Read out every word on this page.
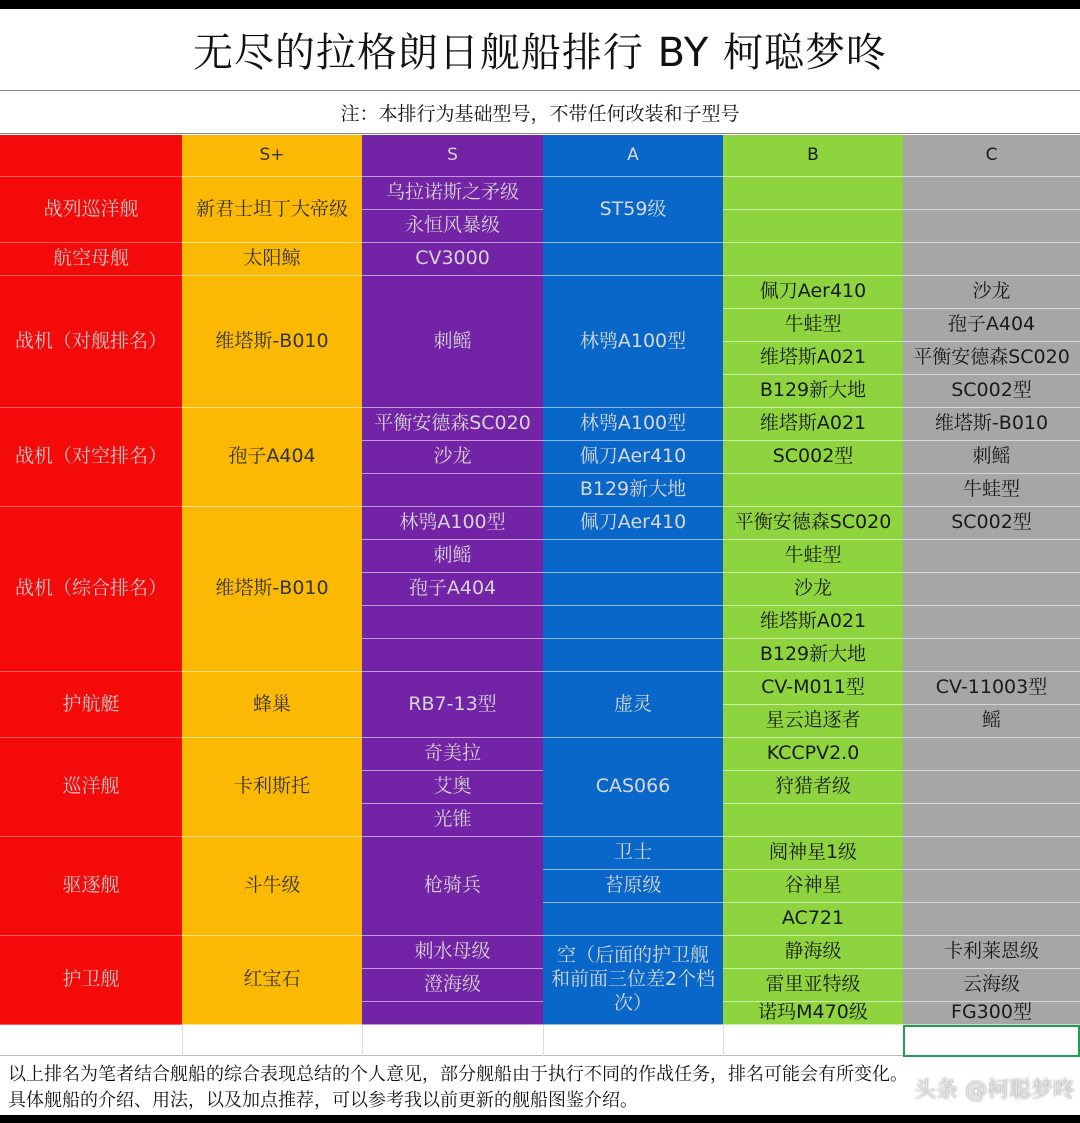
无尽的拉格朗日舰船排行 BY 柯聪梦咚
注：本排行为基础型号，不带任何改装和子型号
战列巡洋舰
航空母舰
战机（对舰排名）
战机（对空排名）
战机（综合排名）
护航艇
巡洋舰
驱逐舰
护卫舰
S+
新君士坦丁大帝级
太阳鲸
维塔斯-B010
孢子A404
维塔斯-B010
蜂巢
卡利斯托
斗牛级
红宝石
S
乌拉诺斯之矛级
永恒风暴级
CV3000
刺鳐
平衡安德森SC020
沙龙
林鸮A100型
刺鳐
孢子A404
RB7-13型
奇美拉
艾奥
光锥
枪骑兵
刺水母级
澄海级
A
ST59级
林鸮A100型
林鸮A100型
佩刀Aer410
B129新大地
佩刀Aer410
虚灵
CAS066
卫士
苔原级
空（后面的护卫舰和前面三位差2个档次）
B
佩刀Aer410
牛蛙型
维塔斯A021
B129新大地
维塔斯A021
SC002型
平衡安德森SC020
牛蛙型
沙龙
维塔斯A021
B129新大地
CV-M011型
星云追逐者
KCCPV2.0
狩猎者级
阋神星1级
谷神星
AC721
静海级
雷里亚特级
诺玛M470级
C
沙龙
孢子A404
平衡安德森SC020
SC002型
维塔斯-B010
刺鳐
牛蛙型
SC002型
CV-11003型
鳐
卡利莱恩级
云海级
FG300型
以上排名为笔者结合舰船的综合表现总结的个人意见，部分舰船由于执行不同的作战任务，排名可能会有所变化。
具体舰船的介绍、用法，以及加点推荐，可以参考我以前更新的舰船图鉴介绍。	头条 @柯聪梦咚
